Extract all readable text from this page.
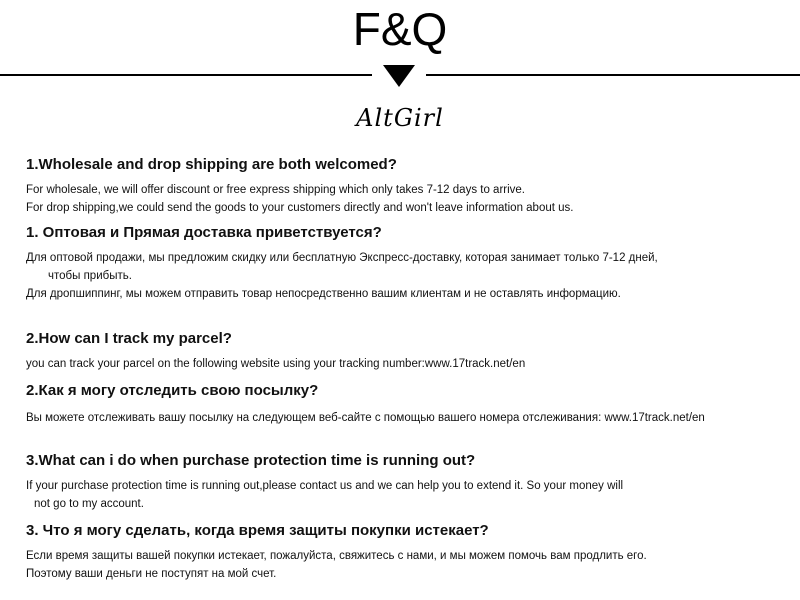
F&Q
AltGirl

1.Wholesale and drop shipping are both welcomed?

For wholesale, we will offer discount or free express shipping which only takes 7-12 days to arrive.
For drop shipping,we could send the goods to your customers directly and won't leave information about us.

1. Оптовая и Прямая доставка приветствуется?

Для оптовой продажи, мы предложим скидку или бесплатную Экспресс-доставку, которая занимает только 7-12 дней,
чтобы прибыть.
Для дропшиппинг, мы можем отправить товар непосредственно вашим клиентам и не оставлять информацию.

2.How can I track my parcel?

you can track your parcel on the following website using your tracking number:www.17track.net/en

2.Как я могу отследить свою посылку?

Вы можете отслеживать вашу посылку на следующем веб-сайте с помощью вашего номера отслеживания: www.17track.net/en

3.What can i do when purchase protection time is running out?

If your purchase protection time is running out,please contact us and we can help you to extend it. So your money will
not go to my account.

3. Что я могу сделать, когда время защиты покупки истекает?

Если время защиты вашей покупки истекает, пожалуйста, свяжитесь с нами, и мы можем помочь вам продлить его.
Поэтому ваши деньги не поступят на мой счет.
